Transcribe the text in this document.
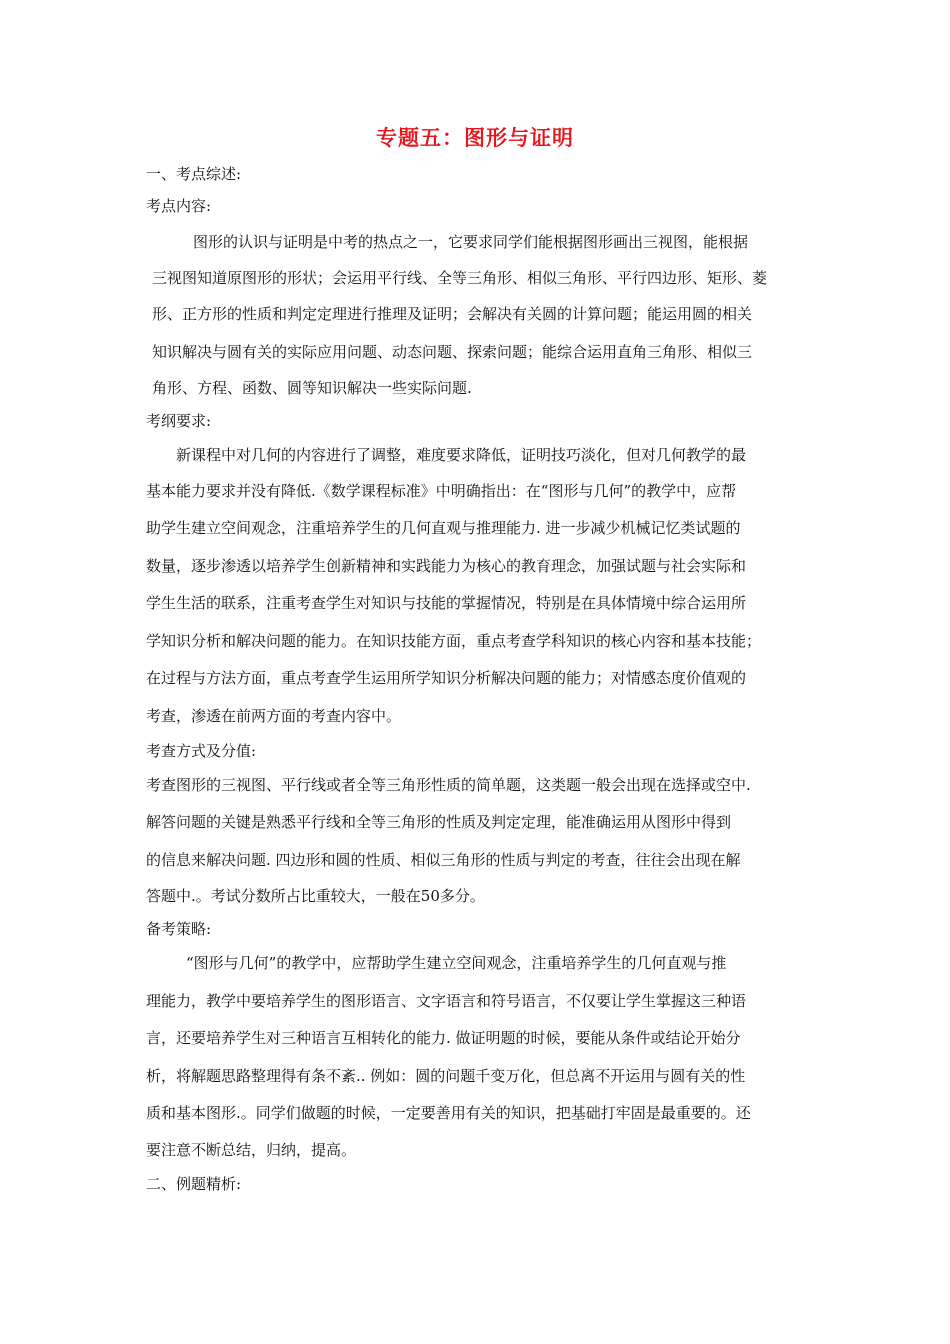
专题五：图形与证明
一、考点综述:
考点内容:
图形的认识与证明是中考的热点之一，它要求同学们能根据图形画出三视图，能根据
三视图知道原图形的形状；会运用平行线、全等三角形、相似三角形、平行四边形、矩形、菱
形、正方形的性质和判定定理进行推理及证明；会解决有关圆的计算问题；能运用圆的相关
知识解决与圆有关的实际应用问题、动态问题、探索问题；能综合运用直角三角形、相似三
角形、方程、函数、圆等知识解决一些实际问题.
考纲要求:
新课程中对几何的内容进行了调整，难度要求降低，证明技巧淡化，但对几何教学的最
基本能力要求并没有降低.《数学课程标准》中明确指出：在“图形与几何”的教学中，应帮
助学生建立空间观念，注重培养学生的几何直观与推理能力. 进一步减少机械记忆类试题的
数量，逐步渗透以培养学生创新精神和实践能力为核心的教育理念，加强试题与社会实际和
学生生活的联系，注重考查学生对知识与技能的掌握情况，特别是在具体情境中综合运用所
学知识分析和解决问题的能力。在知识技能方面，重点考查学科知识的核心内容和基本技能；
在过程与方法方面，重点考查学生运用所学知识分析解决问题的能力；对情感态度价值观的
考查，渗透在前两方面的考查内容中。
考查方式及分值:
考查图形的三视图、平行线或者全等三角形性质的简单题，这类题一般会出现在选择或空中.
解答问题的关键是熟悉平行线和全等三角形的性质及判定定理，能准确运用从图形中得到
的信息来解决问题. 四边形和圆的性质、相似三角形的性质与判定的考查，往往会出现在解
答题中.。考试分数所占比重较大，一般在50多分。
备考策略:
“图形与几何”的教学中，应帮助学生建立空间观念，注重培养学生的几何直观与推
理能力，教学中要培养学生的图形语言、文字语言和符号语言，不仅要让学生掌握这三种语
言，还要培养学生对三种语言互相转化的能力. 做证明题的时候，要能从条件或结论开始分
析，将解题思路整理得有条不紊.. 例如：圆的问题千变万化，但总离不开运用与圆有关的性
质和基本图形.。同学们做题的时候，一定要善用有关的知识，把基础打牢固是最重要的。还
要注意不断总结，归纳，提高。
二、例题精析:
